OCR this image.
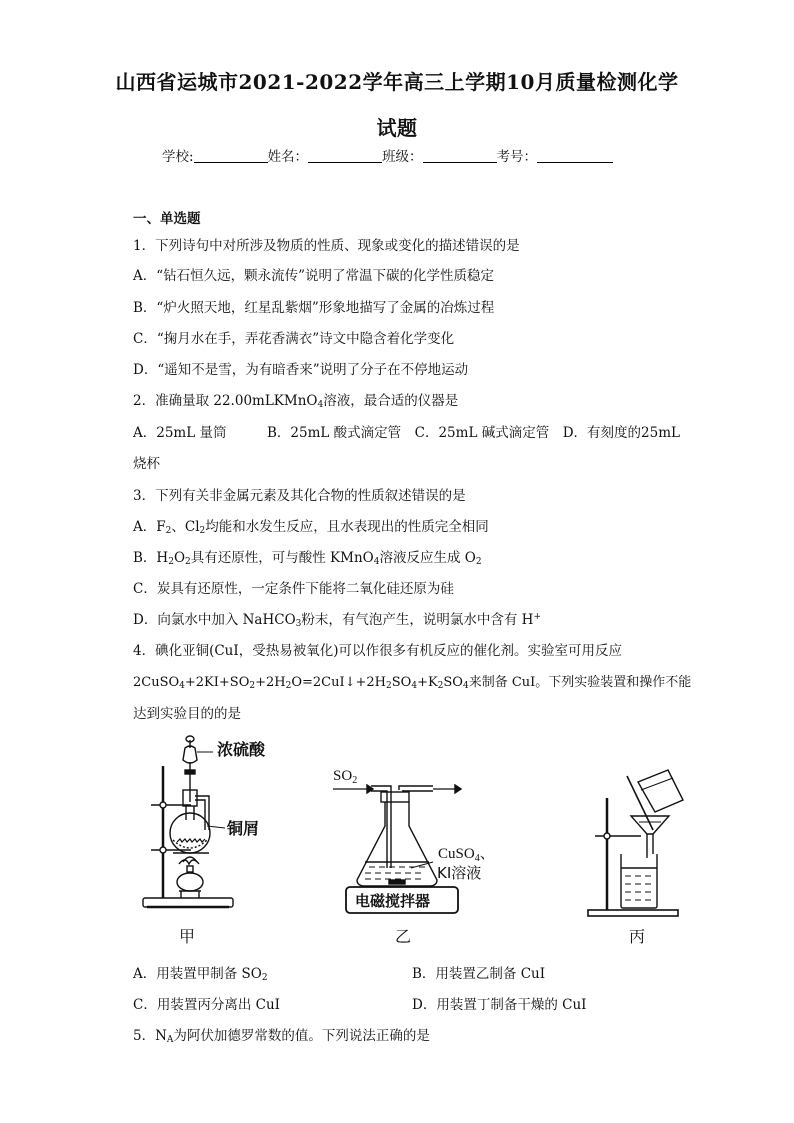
山西省运城市2021-2022学年高三上学期10月质量检测化学
试题
学校:	姓名：	班级：	考号：
一、单选题
1．下列诗句中对所涉及物质的性质、现象或变化的描述错误的是
A．“钻石恒久远，颗永流传”说明了常温下碳的化学性质稳定
B．“炉火照天地，红星乱紫烟”形象地描写了金属的冶炼过程
C．“掬月水在手，弄花香满衣”诗文中隐含着化学变化
D．“遥知不是雪，为有暗香来”说明了分子在不停地运动
2．准确量取 22.00mLKMnO$_4$溶液，最合适的仪器是
A．25mL 量筒　　　B．25mL 酸式滴定管　C．25mL 碱式滴定管　D．有刻度的25mL
烧杯
3．下列有关非金属元素及其化合物的性质叙述错误的是
A．$F_2$、$Cl_2$均能和水发生反应，且水表现出的性质完全相同
B．$H_2O_2$具有还原性，可与酸性 KMnO$_4$溶液反应生成 $O_2$
C．炭具有还原性，一定条件下能将二氧化硅还原为硅
D．向氯水中加入 NaHCO$_3$粉末，有气泡产生，说明氯水中含有 H+
4．碘化亚铜(CuI，受热易被氧化)可以作很多有机反应的催化剂。实验室可用反应
$2CuSO_4+2KI+SO_2+2H_2O=2CuI↓+2H_2SO_4+K_2SO_4$来制备 CuI。下列实验装置和操作不能
达到实验目的的是
浓硫酸
铜屑
$SO_2$
CuSO$_4$、
KI溶液
电磁搅拌器
甲	乙	丙
A．用装置甲制备 $SO_2$	B．用装置乙制备 CuI
C．用装置丙分离出 CuI	D．用装置丁制备干燥的 CuI
5．$N_A$为阿伏加德罗常数的值。下列说法正确的是
